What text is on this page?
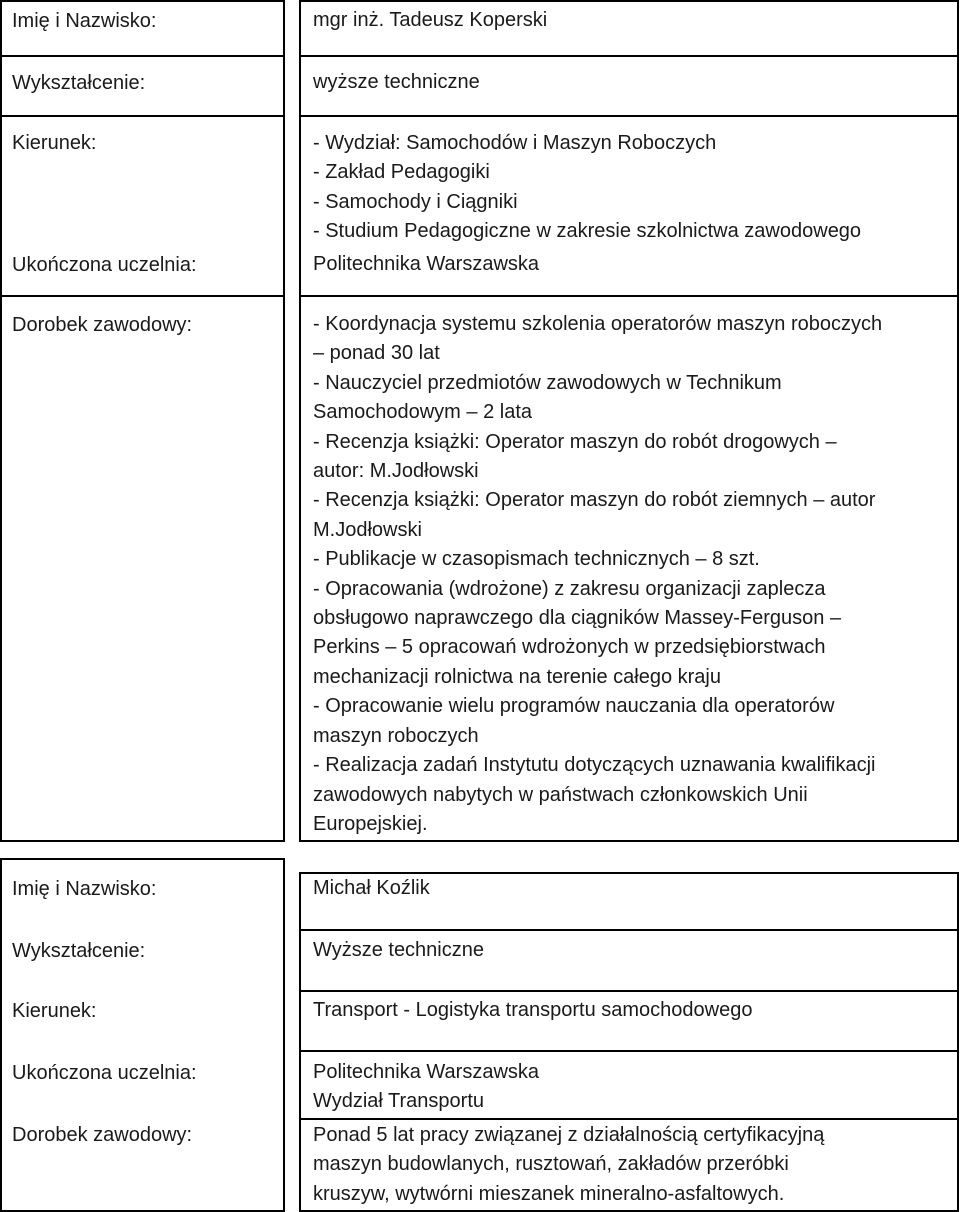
Imię i Nazwisko:
Wykształcenie:
Kierunek:
Ukończona uczelnia:
Dorobek zawodowy:
mgr inż. Tadeusz Koperski
wyższe techniczne
- Wydział: Samochodów i Maszyn Roboczych
- Zakład Pedagogiki
- Samochody i Ciągniki
- Studium Pedagogiczne w zakresie szkolnictwa zawodowego
Politechnika Warszawska
- Koordynacja systemu szkolenia operatorów maszyn roboczych
– ponad 30 lat
- Nauczyciel przedmiotów zawodowych w Technikum
Samochodowym – 2 lata
- Recenzja książki: Operator maszyn do robót drogowych –
autor: M.Jodłowski
- Recenzja książki: Operator maszyn do robót ziemnych – autor
M.Jodłowski
- Publikacje w czasopismach technicznych – 8 szt.
- Opracowania (wdrożone) z zakresu organizacji zaplecza
obsługowo naprawczego dla ciągników Massey-Ferguson –
Perkins – 5 opracowań wdrożonych w przedsiębiorstwach
mechanizacji rolnictwa na terenie całego kraju
- Opracowanie wielu programów nauczania dla operatorów
maszyn roboczych
- Realizacja zadań Instytutu dotyczących uznawania kwalifikacji
zawodowych nabytych w państwach członkowskich Unii
Europejskiej.
Imię i Nazwisko:
Wykształcenie:
Kierunek:
Ukończona uczelnia:
Dorobek zawodowy:
Michał Koźlik
Wyższe techniczne
Transport - Logistyka transportu samochodowego
Politechnika Warszawska
Wydział Transportu
Ponad 5 lat pracy związanej z działalnością certyfikacyjną
maszyn budowlanych, rusztowań, zakładów przeróbki
kruszyw, wytwórni mieszanek mineralno-asfaltowych.
